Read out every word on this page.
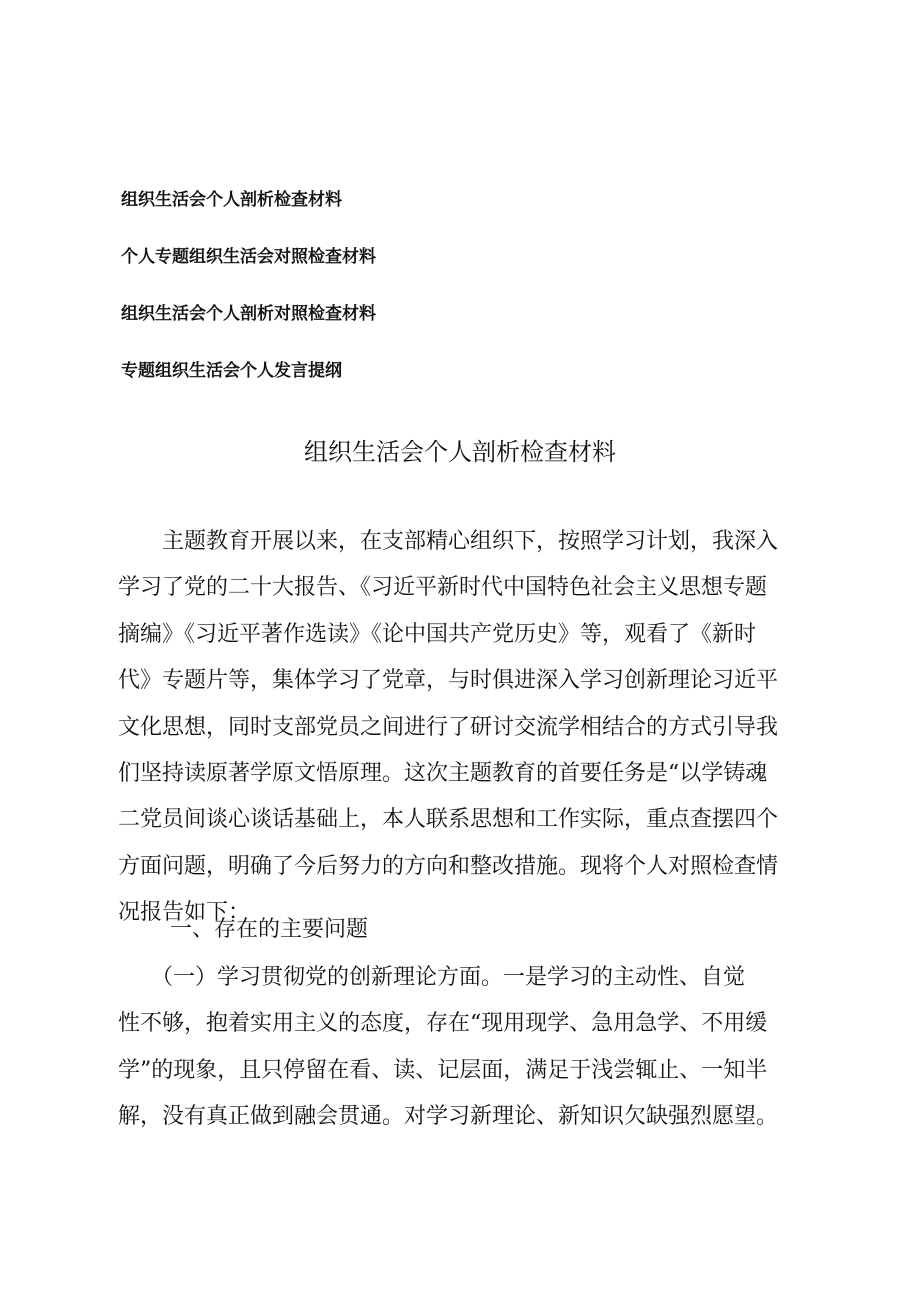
组织生活会个人剖析检查材料
个人专题组织生活会对照检查材料
组织生活会个人剖析对照检查材料
专题组织生活会个人发言提纲
组织生活会个人剖析检查材料
　　主题教育开展以来，在支部精心组织下，按照学习计划，我深入
学习了党的二十大报告、《习近平新时代中国特色社会主义思想专题
摘编》《习近平著作选读》《论中国共产党历史》等，观看了《新时
代》专题片等，集体学习了党章，与时俱进深入学习创新理论习近平
文化思想，同时支部党员之间进行了研讨交流学相结合的方式引导我
们坚持读原著学原文悟原理。这次主题教育的首要任务是“以学铸魂
二党员间谈心谈话基础上，本人联系思想和工作实际，重点查摆四个
方面问题，明确了今后努力的方向和整改措施。现将个人对照检查情
况报告如下：
一、存在的主要问题
　　（一）学习贯彻党的创新理论方面。一是学习的主动性、自觉
性不够，抱着实用主义的态度，存在“现用现学、急用急学、不用缓
学”的现象，且只停留在看、读、记层面，满足于浅尝辄止、一知半
解，没有真正做到融会贯通。对学习新理论、新知识欠缺强烈愿望。
